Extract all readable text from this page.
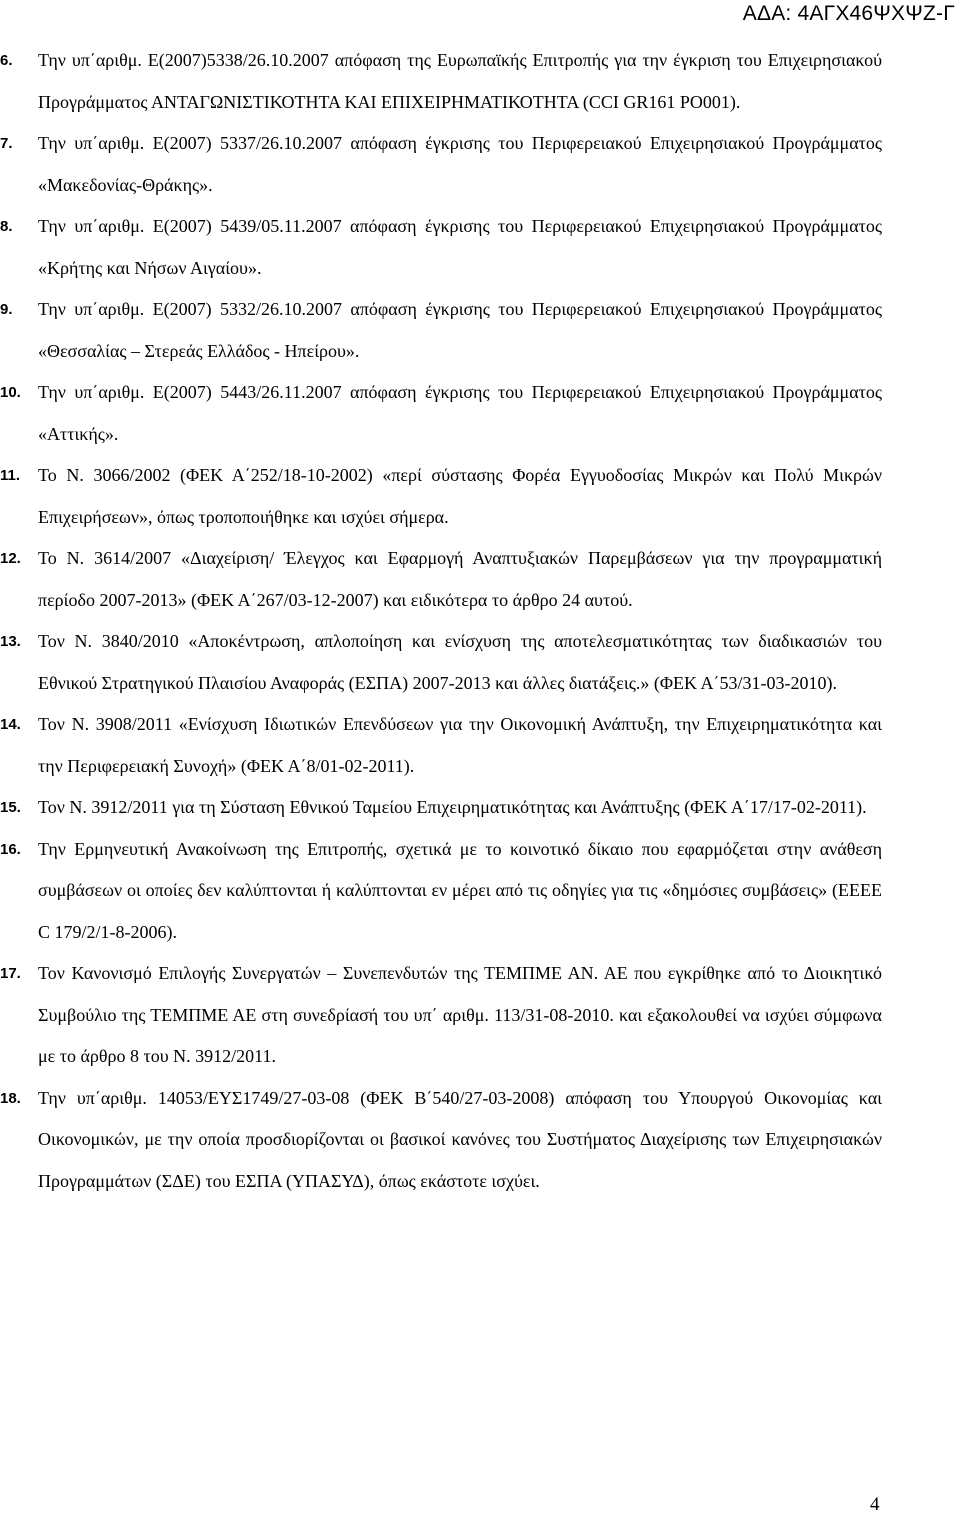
ΑΔΑ: 4ΑΓΧ46ΨΧΨΖ-Γ
6.	Την υπ΄αριθμ. Ε(2007)5338/26.10.2007 απόφαση της Ευρωπαϊκής Επιτροπής για την έγκριση του Επιχειρησιακού Προγράμματος ΑΝΤΑΓΩΝΙΣΤΙΚΟΤΗΤΑ ΚΑΙ ΕΠΙΧΕΙΡΗΜΑΤΙΚΟΤΗΤΑ (CCI GR161 PO001).
7.	Την υπ΄αριθμ. Ε(2007) 5337/26.10.2007 απόφαση έγκρισης του Περιφερειακού Επιχειρησιακού Προγράμματος «Μακεδονίας-Θράκης».
8.	Την υπ΄αριθμ. Ε(2007) 5439/05.11.2007 απόφαση έγκρισης του Περιφερειακού Επιχειρησιακού Προγράμματος «Κρήτης και Νήσων Αιγαίου».
9.	Την υπ΄αριθμ. Ε(2007) 5332/26.10.2007 απόφαση έγκρισης του Περιφερειακού Επιχειρησιακού Προγράμματος «Θεσσαλίας – Στερεάς Ελλάδος - Ηπείρου».
10. Την υπ΄αριθμ. Ε(2007) 5443/26.11.2007 απόφαση έγκρισης του Περιφερειακού Επιχειρησιακού Προγράμματος «Αττικής».
11. Το Ν. 3066/2002 (ΦΕΚ Α΄252/18-10-2002) «περί σύστασης Φορέα Εγγυοδοσίας Μικρών και Πολύ Μικρών Επιχειρήσεων», όπως τροποποιήθηκε και ισχύει σήμερα.
12. Το Ν. 3614/2007 «Διαχείριση/ Έλεγχος και Εφαρμογή Αναπτυξιακών Παρεμβάσεων για την προγραμματική περίοδο 2007-2013» (ΦΕΚ Α΄267/03-12-2007) και ειδικότερα το άρθρο 24 αυτού.
13. Τον Ν. 3840/2010 «Αποκέντρωση, απλοποίηση και ενίσχυση της αποτελεσματικότητας των διαδικασιών του Εθνικού Στρατηγικού Πλαισίου Αναφοράς (ΕΣΠΑ) 2007-2013 και άλλες διατάξεις.» (ΦΕΚ Α΄53/31-03-2010).
14. Τον Ν. 3908/2011 «Ενίσχυση Ιδιωτικών Επενδύσεων για την Οικονομική Ανάπτυξη, την Επιχειρηματικότητα και την Περιφερειακή Συνοχή» (ΦΕΚ Α΄8/01-02-2011).
15. Τον Ν. 3912/2011 για τη Σύσταση Εθνικού Ταμείου Επιχειρηματικότητας και Ανάπτυξης (ΦΕΚ Α΄17/17-02-2011).
16. Την Ερμηνευτική Ανακοίνωση της Επιτροπής, σχετικά με το κοινοτικό δίκαιο που εφαρμόζεται στην ανάθεση συμβάσεων οι οποίες δεν καλύπτονται ή καλύπτονται εν μέρει από τις οδηγίες για τις «δημόσιες συμβάσεις» (ΕΕΕΕ C 179/2/1-8-2006).
17. Τον Κανονισμό Επιλογής Συνεργατών – Συνεπενδυτών της ΤΕΜΠΜΕ ΑΝ. ΑΕ που εγκρίθηκε από το Διοικητικό Συμβούλιο της ΤΕΜΠΜΕ ΑΕ στη συνεδρίασή του υπ΄ αριθμ. 113/31-08-2010. και εξακολουθεί να ισχύει σύμφωνα με το άρθρο 8 του Ν. 3912/2011.
18. Την υπ΄αριθμ. 14053/ΕΥΣ1749/27-03-08 (ΦΕΚ Β΄540/27-03-2008) απόφαση του Υπουργού Οικονομίας και Οικονομικών, με την οποία προσδιορίζονται οι βασικοί κανόνες του Συστήματος Διαχείρισης των Επιχειρησιακών Προγραμμάτων (ΣΔΕ) του ΕΣΠΑ (ΥΠΑΣΥΔ), όπως εκάστοτε ισχύει.
4
